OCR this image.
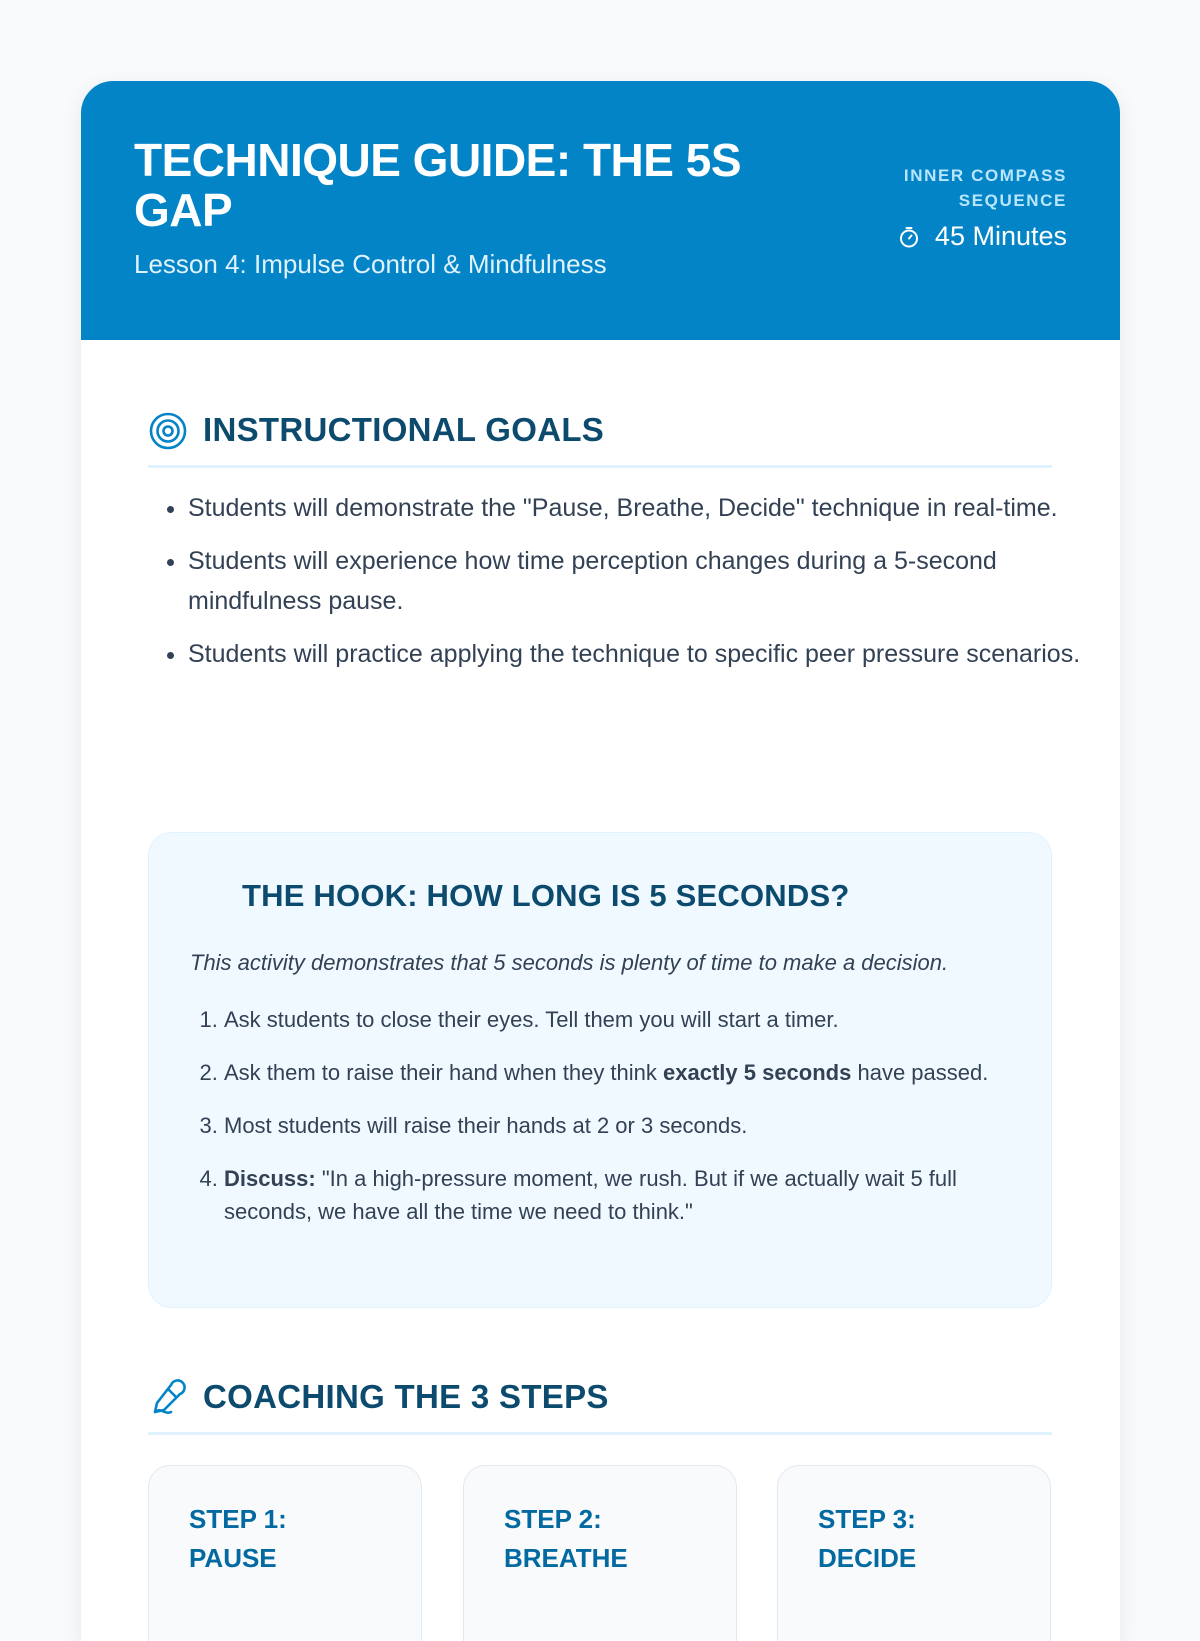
TECHNIQUE GUIDE: THE 5S GAP

Lesson 4: Impulse Control & Mindfulness

INNER COMPASS SEQUENCE
45 Minutes
INSTRUCTIONAL GOALS
• Students will demonstrate the "Pause, Breathe, Decide" technique in real-time.
• Students will experience how time perception changes during a 5-second mindfulness pause.
• Students will practice applying the technique to specific peer pressure scenarios.
THE HOOK: HOW LONG IS 5 SECONDS?

This activity demonstrates that 5 seconds is plenty of time to make a decision.

1. Ask students to close their eyes. Tell them you will start a timer.
2. Ask them to raise their hand when they think exactly 5 seconds have passed.
3. Most students will raise their hands at 2 or 3 seconds.
4. Discuss: "In a high-pressure moment, we rush. But if we actually wait 5 full seconds, we have all the time we need to think."
COACHING THE 3 STEPS
STEP 1:
PAUSE
STEP 2:
BREATHE
STEP 3:
DECIDE
